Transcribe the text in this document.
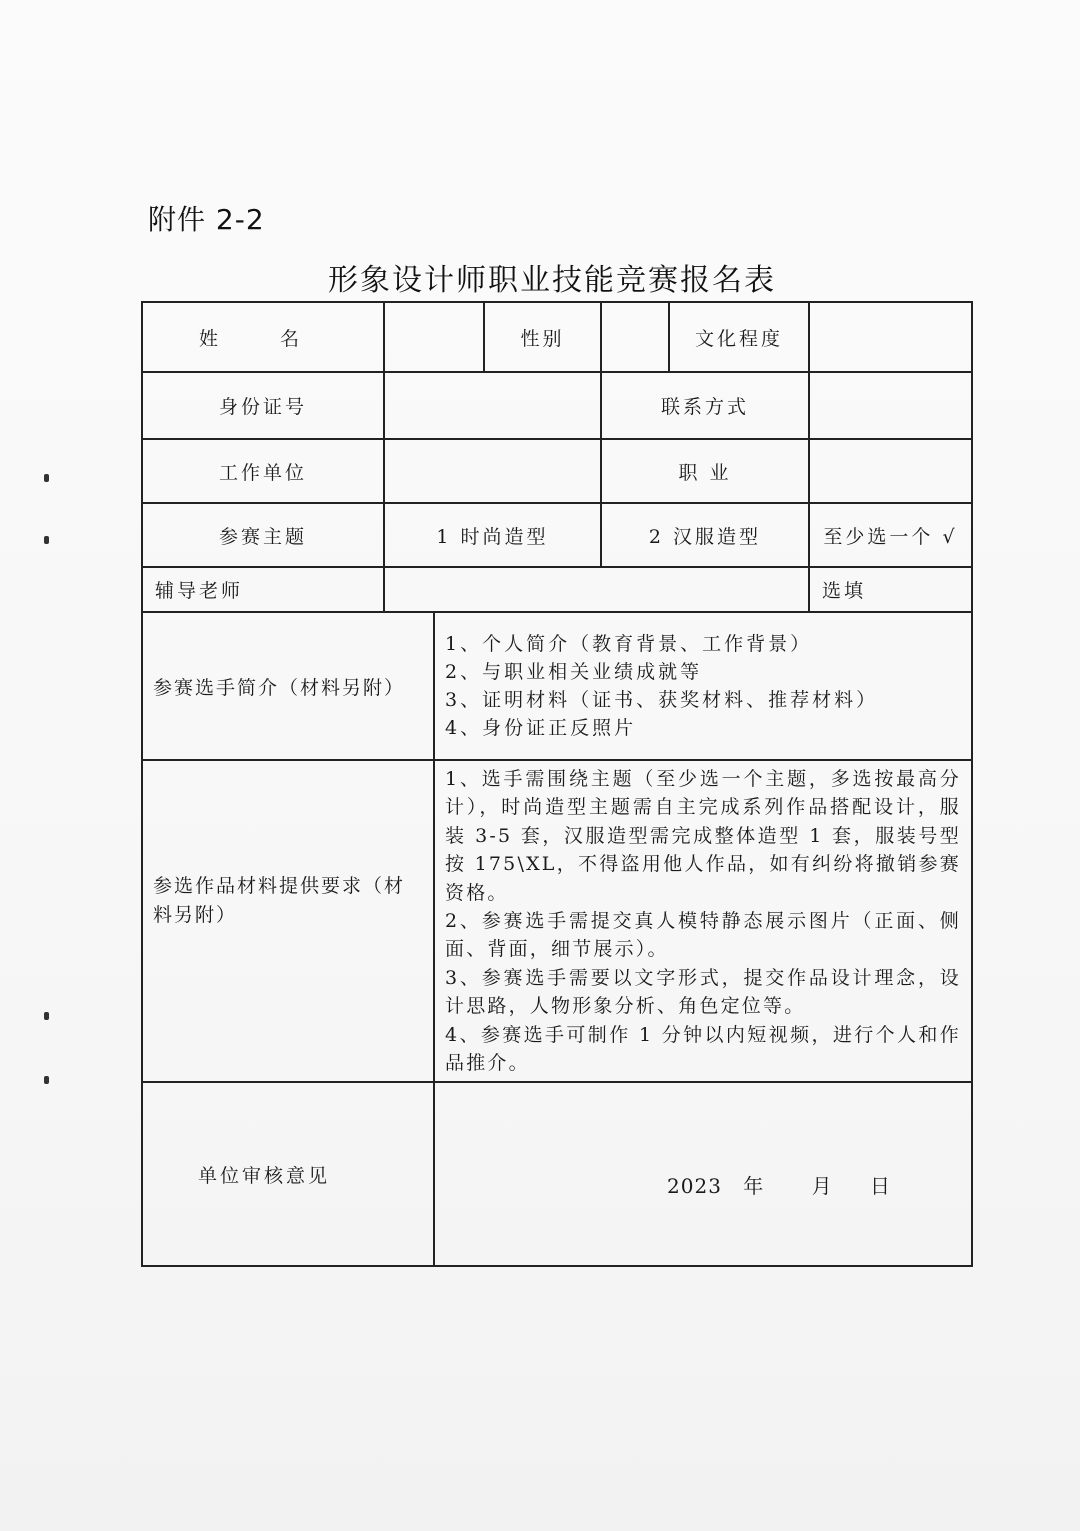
附件 2-2
形象设计师职业技能竞赛报名表
姓 名			性别		文化程度	
身份证号				联系方式		
工作单位				职 业		
参赛主题	1 时尚造型			2 汉服造型		至少选一个 √
辅导老师						选填
参赛选手简介（材料另附）		1、个人简介（教育背景、工作背景）
2、与职业相关业绩成就等
3、证明材料（证书、获奖材料、推荐材料）
4、身份证正反照片				

参选作品材料提供要求（材料另附）		1、选手需围绕主题（至少选一个主题，多选按最高分计），时尚造型主题需自主完成系列作品搭配设计，服装 3-5 套，汉服造型需完成整体造型 1 套，服装号型按 175\XL，不得盗用他人作品，如有纠纷将撤销参赛资格。
2、参赛选手需提交真人模特静态展示图片（正面、侧面、背面，细节展示）。
3、参赛选手需要以文字形式，提交作品设计理念，设计思路，人物形象分析、角色定位等。
4、参赛选手可制作 1 分钟以内短视频，进行个人和作品推介。				

单位审核意见		2023 年 月 日				
